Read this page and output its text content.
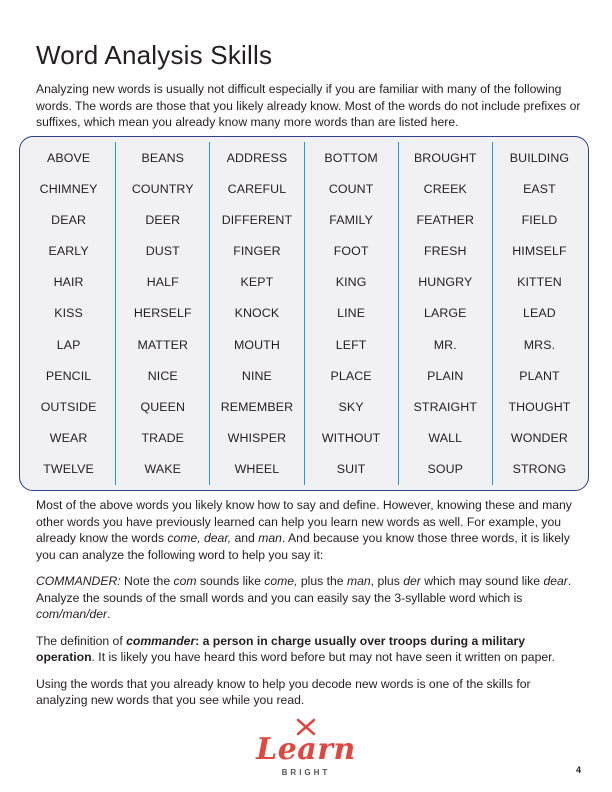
Word Analysis Skills

Analyzing new words is usually not difficult especially if you are familiar with many of the following words. The words are those that you likely already know. Most of the words do not include prefixes or suffixes, which mean you already know many more words than are listed here.

ABOVE
CHIMNEY
DEAR
EARLY
HAIR
KISS
LAP
PENCIL
OUTSIDE
WEAR
TWELVE
BEANS
COUNTRY
DEER
DUST
HALF
HERSELF
MATTER
NICE
QUEEN
TRADE
WAKE
ADDRESS
CAREFUL
DIFFERENT
FINGER
KEPT
KNOCK
MOUTH
NINE
REMEMBER
WHISPER
WHEEL
BOTTOM
COUNT
FAMILY
FOOT
KING
LINE
LEFT
PLACE
SKY
WITHOUT
SUIT
BROUGHT
CREEK
FEATHER
FRESH
HUNGRY
LARGE
MR.
PLAIN
STRAIGHT
WALL
SOUP
BUILDING
EAST
FIELD
HIMSELF
KITTEN
LEAD
MRS.
PLANT
THOUGHT
WONDER
STRONG

Most of the above words you likely know how to say and define. However, knowing these and many other words you have previously learned can help you learn new words as well. For example, you already know the words come, dear, and man. And because you know those three words, it is likely you can analyze the following word to help you say it:

COMMANDER: Note the com sounds like come, plus the man, plus der which may sound like dear. Analyze the sounds of the small words and you can easily say the 3-syllable word which is com/man/der.

The definition of commander: a person in charge usually over troops during a military operation. It is likely you have heard this word before but may not have seen it written on paper.

Using the words that you already know to help you decode new words is one of the skills for analyzing new words that you see while you read.

Learn
BRIGHT	4
